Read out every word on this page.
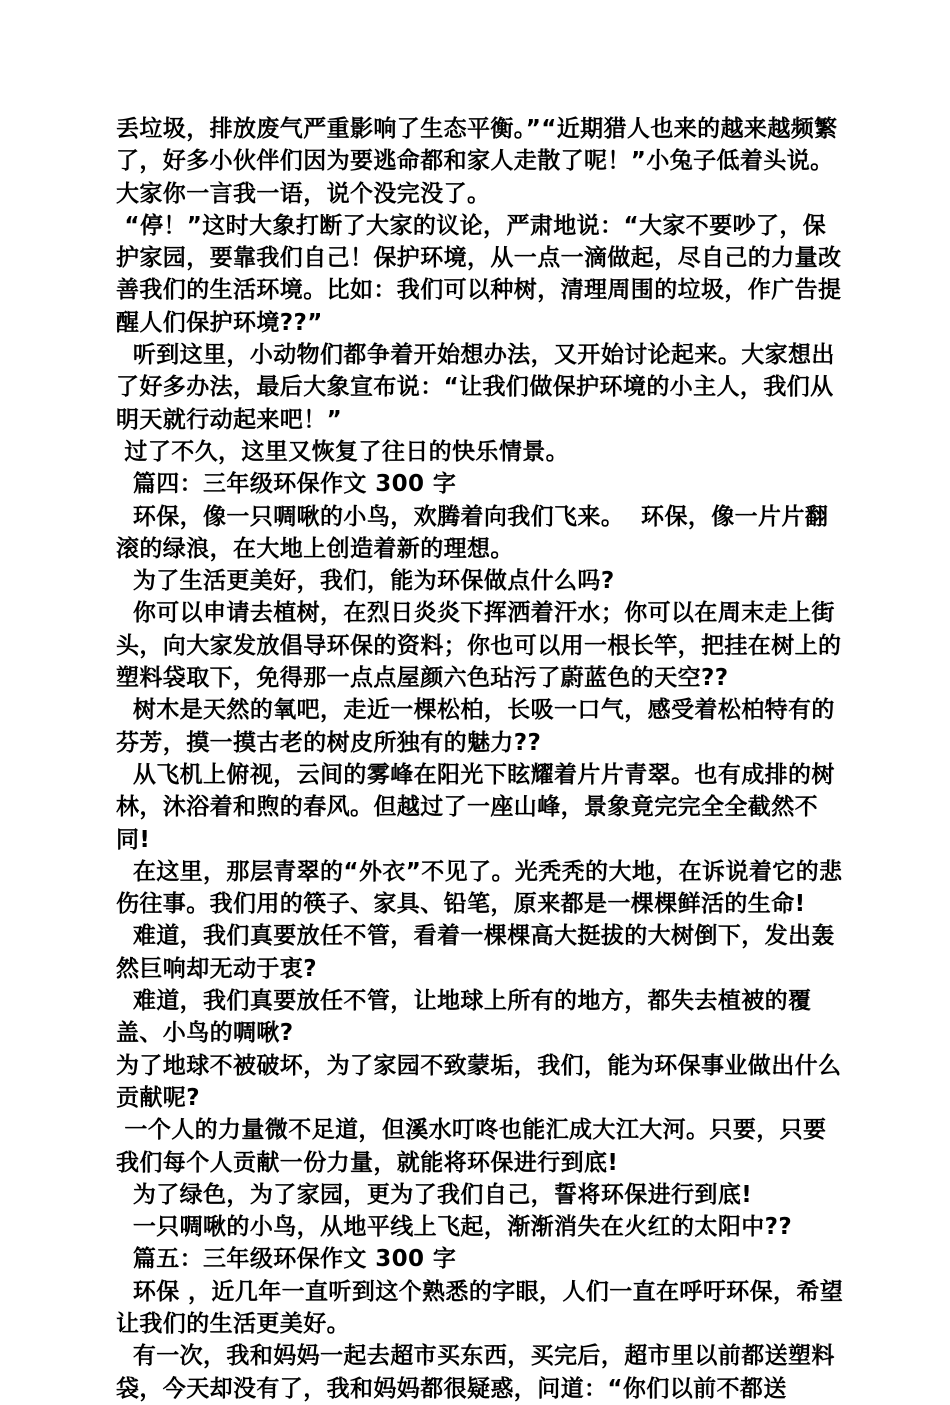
丢垃圾，排放废气严重影响了生态平衡。”“近期猎人也来的越来越频繁了，好多小伙伴们因为要逃命都和家人走散了呢！”小兔子低着头说。大家你一言我一语，说个没完没了。

“停！”这时大象打断了大家的议论，严肃地说：“大家不要吵了，保护家园，要靠我们自己！保护环境，从一点一滴做起，尽自己的力量改善我们的生活环境。比如：我们可以种树，清理周围的垃圾，作广告提醒人们保护环境??”

听到这里，小动物们都争着开始想办法，又开始讨论起来。大家想出了好多办法，最后大象宣布说：“让我们做保护环境的小主人，我们从明天就行动起来吧！”

过了不久，这里又恢复了往日的快乐情景。

篇四：三年级环保作文 300 字

环保，像一只啁啾的小鸟，欢腾着向我们飞来。  环保，像一片片翻滚的绿浪，在大地上创造着新的理想。

为了生活更美好，我们，能为环保做点什么吗?

你可以申请去植树，在烈日炎炎下挥洒着汗水；你可以在周末走上街头，向大家发放倡导环保的资料；你也可以用一根长竿，把挂在树上的塑料袋取下，免得那一点点屋颜六色玷污了蔚蓝色的天空??

树木是天然的氧吧，走近一棵松柏，长吸一口气，感受着松柏特有的芬芳，摸一摸古老的树皮所独有的魅力??

从飞机上俯视，云间的雾峰在阳光下眩耀着片片青翠。也有成排的树林，沐浴着和煦的春风。但越过了一座山峰，景象竟完完全全截然不同!

在这里，那层青翠的“外衣”不见了。光秃秃的大地，在诉说着它的悲伤往事。我们用的筷子、家具、铅笔，原来都是一棵棵鲜活的生命!

难道，我们真要放任不管，看着一棵棵高大挺拔的大树倒下，发出轰然巨响却无动于衷?

难道，我们真要放任不管，让地球上所有的地方，都失去植被的覆盖、小鸟的啁啾?

为了地球不被破坏，为了家园不致蒙垢，我们，能为环保事业做出什么贡献呢?

一个人的力量微不足道，但溪水叮咚也能汇成大江大河。只要，只要我们每个人贡献一份力量，就能将环保进行到底!

为了绿色，为了家园，更为了我们自己，誓将环保进行到底!

一只啁啾的小鸟，从地平线上飞起，渐渐消失在火红的太阳中??

篇五：三年级环保作文 300 字

环保 ，近几年一直听到这个熟悉的字眼，人们一直在呼吁环保，希望让我们的生活更美好。

有一次，我和妈妈一起去超市买东西，买完后，超市里以前都送塑料袋，今天却没有了，我和妈妈都很疑惑，问道：“你们以前不都送
